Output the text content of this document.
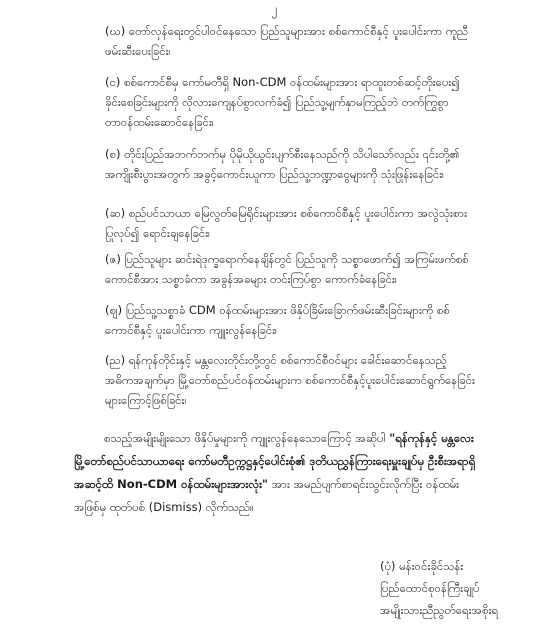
၂
(ဃ) တော်လှန်ရေးတွင်ပါဝင်နေသော ပြည်သူများအား စစ်ကောင်စီနှင့် ပူးပေါင်းကာ ကူညီ ဖမ်းဆီးပေးခြင်း၊
(င) စစ်ကောင်စီမှ ကော်မတီရှိ Non-CDM ဝန်ထမ်းများအား ရာထူးတစ်ဆင့်တိုးပေး၍ ခိုင်းစေခြင်းများကို လိုလားကျေနပ်စွာလက်ခံ၍ ပြည်သူ့မျက်နှာမကြည့်ဘဲ တက်ကြွစွာ တာဝန်ထမ်းဆောင်နေခြင်း၊
(စ) တိုင်းပြည်အဘက်ဘက်မှ ပိုမိုယိုယွင်းပျက်စီးနေသည်ကို သိပါသော်လည်း ၎င်းတို့၏ အကျိုးစီးပွားအတွက် အခွင့်ကောင်းယူကာ ပြည်သူ့ဘဏ္ဍာငွေများကို သုံးဖြုန်းနေခြင်း၊
(ဆ) စည်ပင်သာယာ မြေလွတ်မြေရိုင်းများအား စစ်ကောင်စီနှင့် ပူးပေါင်းကာ အလွဲသုံးစား ပြုလုပ်၍ ရောင်းချနေခြင်း၊
(ဇ) ပြည်သူများ ဆင်းရဲဒုက္ခရောက်နေချိန်တွင် ပြည်သူကို သစ္စာဖောက်၍ အကြမ်းဖက်စစ်ကောင်စီအား သစ္စာခံကာ အခွန်အခများ တင်းကြပ်စွာ ကောက်ခံနေခြင်း၊
(ဈ) ပြည်သူ့သစ္စာခံ CDM ဝန်ထမ်းများအား ဖိနှိပ်ခြိမ်းခြောက်ဖမ်းဆီးခြင်းများကို စစ်ကောင်စီနှင့် ပူးပေါင်းကာ ကျူးလွန်နေခြင်း၊
(ည) ရန်ကုန်တိုင်းနှင့် မန္တလေးတိုင်းတို့တွင် စစ်ကောင်စီဝင်များ ခေါင်းဆောင်နေသည့် အဓိကအချက်မှာ မြို့တော်စည်ပင်ဝန်ထမ်းများက စစ်ကောင်စီနှင့်ပူးပေါင်းဆောင်ရွက်နေခြင်းများကြောင့်ဖြစ်ခြင်း၊
စသည့်အမျိုးမျိုးသော ဖိနှိပ်မှုများကို ကျူးလွန်နေသောကြောင့် အဆိုပါ "ရန်ကုန်နှင့် မန္တလေးမြို့တော်စည်ပင်သာယာရေး ကော်မတီဥက္ကဋ္ဌနှင့်ပေါင်းစုံ၏ ဒုတိယညွှန်ကြားရေးမှူးချုပ်မှ ဦးစီးအရာရှိအဆင့်ထိ Non-CDM ဝန်ထမ်းများအားလုံး" အား အမည်ပျက်စာရင်းသွင်းလိုက်ပြီး ဝန်ထမ်းအဖြစ်မှ ထုတ်ပစ် (Dismiss) လိုက်သည်။
(ပုံ) မန်းဝင်းခိုင်သန်း
ပြည်ထောင်စုဝန်ကြီးချုပ်
အမျိုးသားညီညွတ်ရေးအစိုးရ
